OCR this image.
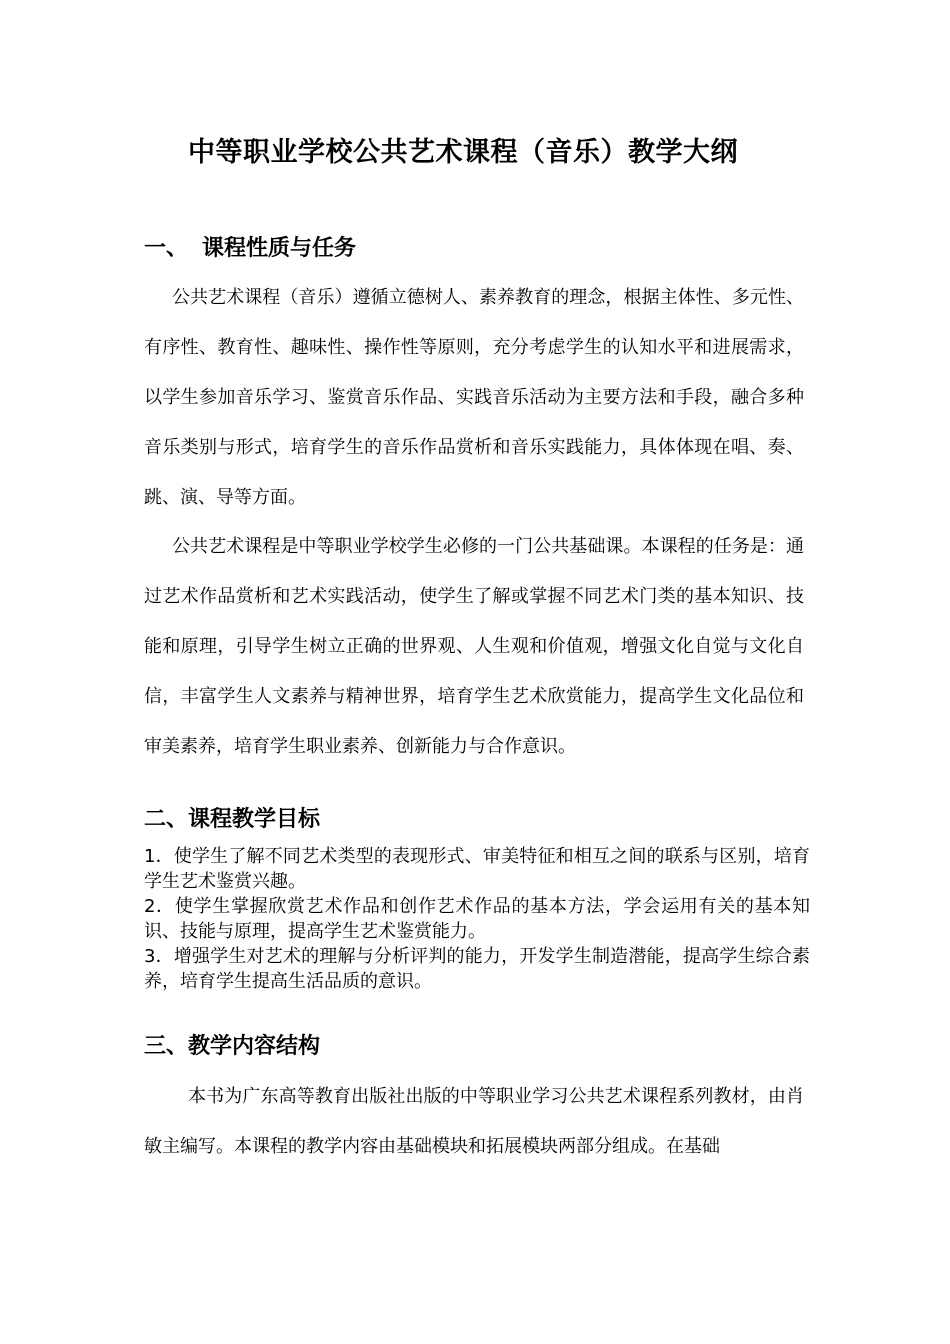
中等职业学校公共艺术课程（音乐）教学大纲
一、 课程性质与任务

公共艺术课程（音乐）遵循立德树人、素养教育的理念，根据主体性、多元性、有序性、教育性、趣味性、操作性等原则，充分考虑学生的认知水平和进展需求，以学生参加音乐学习、鉴赏音乐作品、实践音乐活动为主要方法和手段，融合多种音乐类别与形式，培育学生的音乐作品赏析和音乐实践能力，具体体现在唱、奏、跳、演、导等方面。

公共艺术课程是中等职业学校学生必修的一门公共基础课。本课程的任务是：通过艺术作品赏析和艺术实践活动，使学生了解或掌握不同艺术门类的基本知识、技能和原理，引导学生树立正确的世界观、人生观和价值观，增强文化自觉与文化自信，丰富学生人文素养与精神世界，培育学生艺术欣赏能力，提高学生文化品位和审美素养，培育学生职业素养、创新能力与合作意识。

二、课程教学目标
1．使学生了解不同艺术类型的表现形式、审美特征和相互之间的联系与区别，培育学生艺术鉴赏兴趣。
2．使学生掌握欣赏艺术作品和创作艺术作品的基本方法，学会运用有关的基本知识、技能与原理，提高学生艺术鉴赏能力。
3．增强学生对艺术的理解与分析评判的能力，开发学生制造潜能，提高学生综合素养，培育学生提高生活品质的意识。
三、教学内容结构

本书为广东高等教育出版社出版的中等职业学习公共艺术课程系列教材，由肖敏主编写。本课程的教学内容由基础模块和拓展模块两部分组成。在基础
